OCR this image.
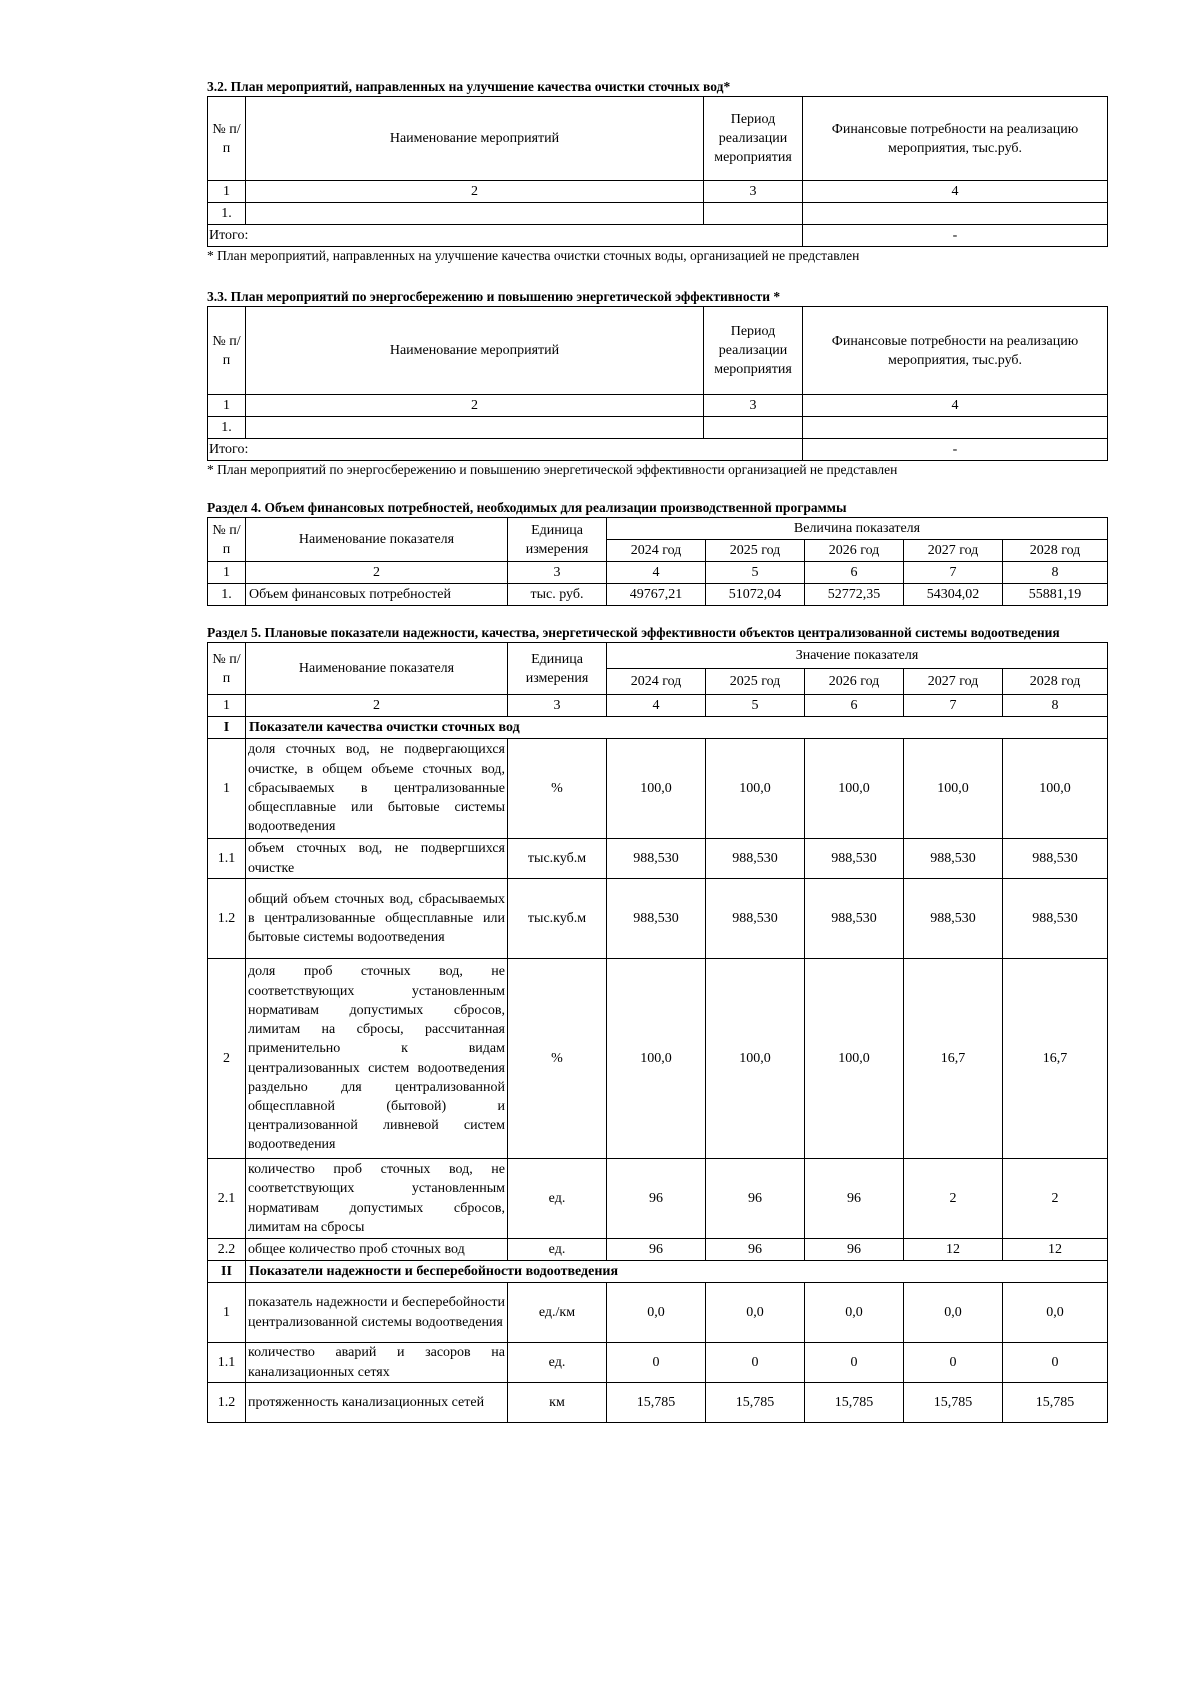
3.2. План мероприятий, направленных на улучшение качества очистки сточных вод*

№ п/п	Наименование мероприятий	Период реализации мероприятия	Финансовые потребности на реализацию мероприятия, тыс.руб.
1	2	3	4
1.			
Итого:			-

* План мероприятий, направленных на улучшение качества очистки сточных воды, организацией не представлен

3.3. План мероприятий по энергосбережению и повышению энергетической эффективности *

№ п/п	Наименование мероприятий	Период реализации мероприятия	Финансовые потребности на реализацию мероприятия, тыс.руб.
1	2	3	4
1.			
Итого:			-

* План мероприятий по энергосбережению и повышению энергетической эффективности организацией не представлен

Раздел 4. Объем финансовых потребностей, необходимых для реализации производственной программы

№ п/п	Наименование показателя	Единица измерения	Величина показателя				
			2024 год	2025 год	2026 год	2027 год	2028 год
1	2	3	4	5	6	7	8
1.	Объем финансовых потребностей	тыс. руб.	49767,21	51072,04	52772,35	54304,02	55881,19

Раздел 5. Плановые показатели надежности, качества, энергетической эффективности объектов централизованной системы водоотведения

№ п/п	Наименование показателя	Единица измерения	Значение показателя				
			2024 год	2025 год	2026 год	2027 год	2028 год
1	2	3	4	5	6	7	8
I	Показатели качества очистки сточных вод						
1	доля сточных вод, не подвергающихся очистке, в общем объеме сточных вод, сбрасываемых в централизованные общесплавные или бытовые системы водоотведения	%	100,0	100,0	100,0	100,0	100,0
1.1	объем сточных вод, не подвергшихся очистке	тыс.куб.м	988,530	988,530	988,530	988,530	988,530
1.2	общий объем сточных вод, сбрасываемых в централизованные общесплавные или бытовые системы водоотведения	тыс.куб.м	988,530	988,530	988,530	988,530	988,530
2	доля проб сточных вод, не соответствующих установленным нормативам допустимых сбросов, лимитам на сбросы, рассчитанная применительно к видам централизованных систем водоотведения раздельно для централизованной общесплавной (бытовой) и централизованной ливневой систем водоотведения	%	100,0	100,0	100,0	16,7	16,7
2.1	количество проб сточных вод, не соответствующих установленным нормативам допустимых сбросов, лимитам на сбросы	ед.	96	96	96	2	2
2.2	общее количество проб сточных вод	ед.	96	96	96	12	12
II	Показатели надежности и бесперебойности водоотведения						
1	показатель надежности и бесперебойности централизованной системы водоотведения	ед./км	0,0	0,0	0,0	0,0	0,0
1.1	количество аварий и засоров на канализационных сетях	ед.	0	0	0	0	0
1.2	протяженность канализационных сетей	км	15,785	15,785	15,785	15,785	15,785
